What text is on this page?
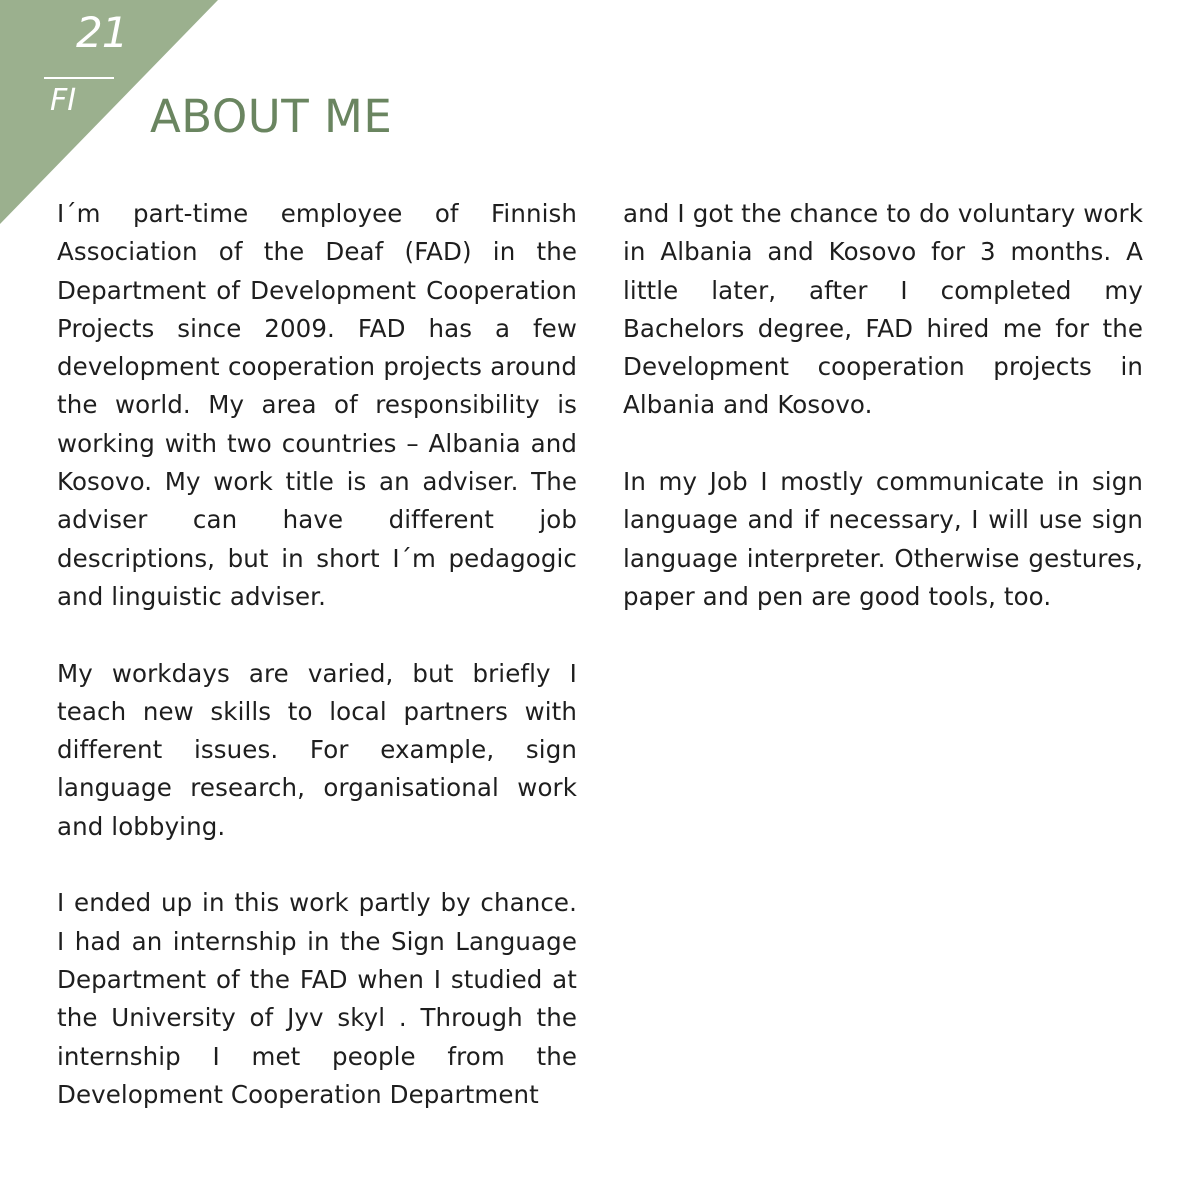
21
FI ABOUT ME

I´m part-time employee of Finnish Association of the Deaf (FAD) in the Department of Development Cooperation Projects since 2009. FAD has a few development cooperation projects around the world. My area of responsibility is working with two countries – Albania and Kosovo. My work title is an adviser. The adviser can have different job descriptions, but in short I´m pedagogic and linguistic adviser.

My workdays are varied, but briefly I teach new skills to local partners with different issues. For example, sign language research, organisational work and lobbying.

I ended up in this work partly by chance. I had an internship in the Sign Language Department of the FAD when I studied at the University of Jyv skyl . Through the internship I met people from the Development Cooperation Department

and I got the chance to do voluntary work in Albania and Kosovo for 3 months. A little later, after I completed my Bachelors degree, FAD hired me for the Development cooperation projects in Albania and Kosovo.

In my Job I mostly communicate in sign language and if necessary, I will use sign language interpreter. Otherwise gestures, paper and pen are good tools, too.
